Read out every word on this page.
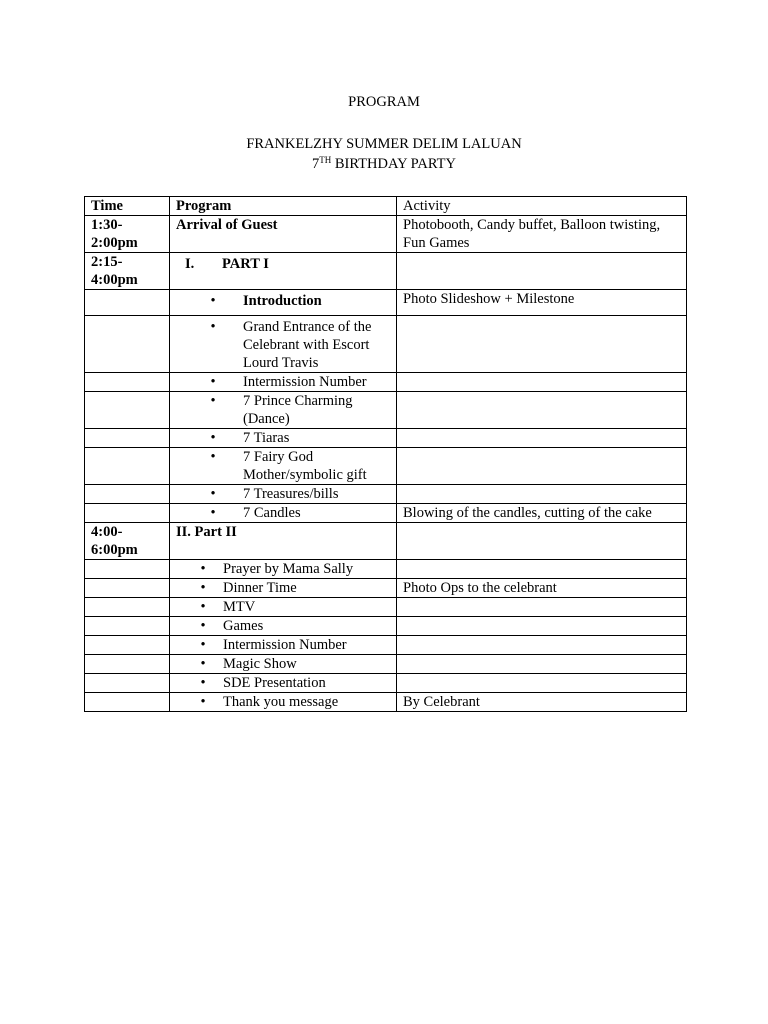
PROGRAM
FRANKELZHY SUMMER DELIM LALUAN
7TH BIRTHDAY PARTY
Time	Program	Activity
1:30-2:00pm	Arrival of Guest	Photobooth, Candy buffet, Balloon twisting, Fun Games
2:15-4:00pm	I. PART I	

	• Introduction	Photo Slideshow + Milestone

	• Grand Entrance of the Celebrant with Escort Lourd Travis	

	• Intermission Number	

	• 7 Prince Charming (Dance)	

	• 7 Tiaras	

	• 7 Fairy God Mother/symbolic gift	

	• 7 Treasures/bills	

	• 7 Candles	Blowing of the candles, cutting of the cake
4:00-6:00pm	II. Part II	

	• Prayer by Mama Sally	

	• Dinner Time	Photo Ops to the celebrant

	• MTV	

	• Games	

	• Intermission Number	

	• Magic Show	

	• SDE Presentation	

	• Thank you message	By Celebrant
